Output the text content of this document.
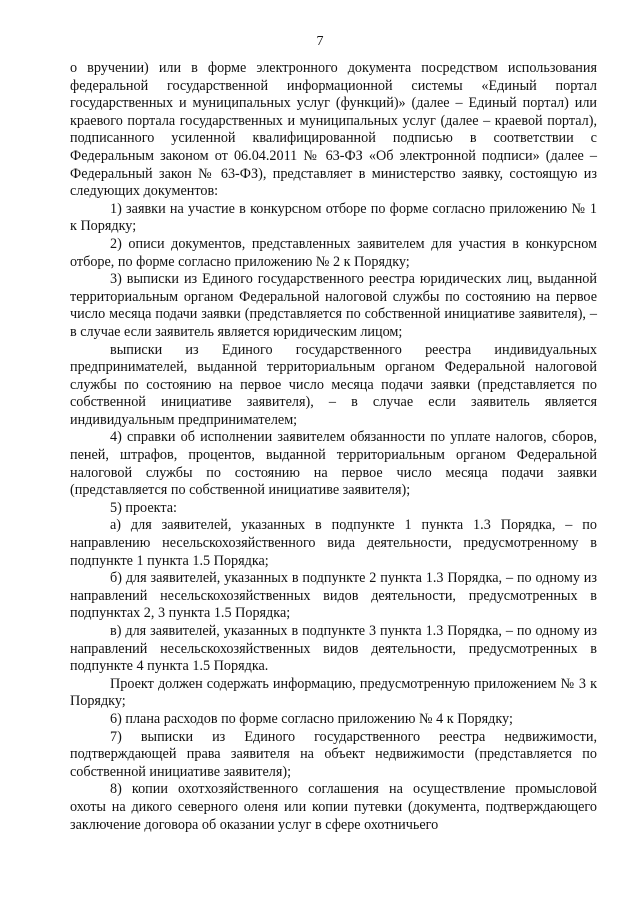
7

о вручении) или в форме электронного документа посредством использования федеральной государственной информационной системы «Единый портал государственных и муниципальных услуг (функций)» (далее – Единый портал) или краевого портала государственных и муниципальных услуг (далее – краевой портал), подписанного усиленной квалифицированной подписью в соответствии с Федеральным законом от 06.04.2011 № 63-ФЗ «Об электронной подписи» (далее – Федеральный закон № 63-ФЗ), представляет в министерство заявку, состоящую из следующих документов:

1) заявки на участие в конкурсном отборе по форме согласно приложению № 1 к Порядку;

2) описи документов, представленных заявителем для участия в конкурсном отборе, по форме согласно приложению № 2 к Порядку;

3) выписки из Единого государственного реестра юридических лиц, выданной территориальным органом Федеральной налоговой службы по состоянию на первое число месяца подачи заявки (представляется по собственной инициативе заявителя), – в случае если заявитель является юридическим лицом;

выписки из Единого государственного реестра индивидуальных предпринимателей, выданной территориальным органом Федеральной налоговой службы по состоянию на первое число месяца подачи заявки (представляется по собственной инициативе заявителя), – в случае если заявитель является индивидуальным предпринимателем;

4) справки об исполнении заявителем обязанности по уплате налогов, сборов, пеней, штрафов, процентов, выданной территориальным органом Федеральной налоговой службы по состоянию на первое число месяца подачи заявки (представляется по собственной инициативе заявителя);

5) проекта:

а) для заявителей, указанных в подпункте 1 пункта 1.3 Порядка, – по направлению несельскохозяйственного вида деятельности, предусмотренному в подпункте 1 пункта 1.5 Порядка;

б) для заявителей, указанных в подпункте 2 пункта 1.3 Порядка, – по одному из направлений несельскохозяйственных видов деятельности, предусмотренных в подпунктах 2, 3 пункта 1.5 Порядка;

в) для заявителей, указанных в подпункте 3 пункта 1.3 Порядка, – по одному из направлений несельскохозяйственных видов деятельности, предусмотренных в подпункте 4 пункта 1.5 Порядка.

Проект должен содержать информацию, предусмотренную приложением № 3 к Порядку;

6) плана расходов по форме согласно приложению № 4 к Порядку;

7) выписки из Единого государственного реестра недвижимости, подтверждающей права заявителя на объект недвижимости (представляется по собственной инициативе заявителя);

8) копии охотхозяйственного соглашения на осуществление промысловой охоты на дикого северного оленя или копии путевки (документа, подтверждающего заключение договора об оказании услуг в сфере охотничьего
